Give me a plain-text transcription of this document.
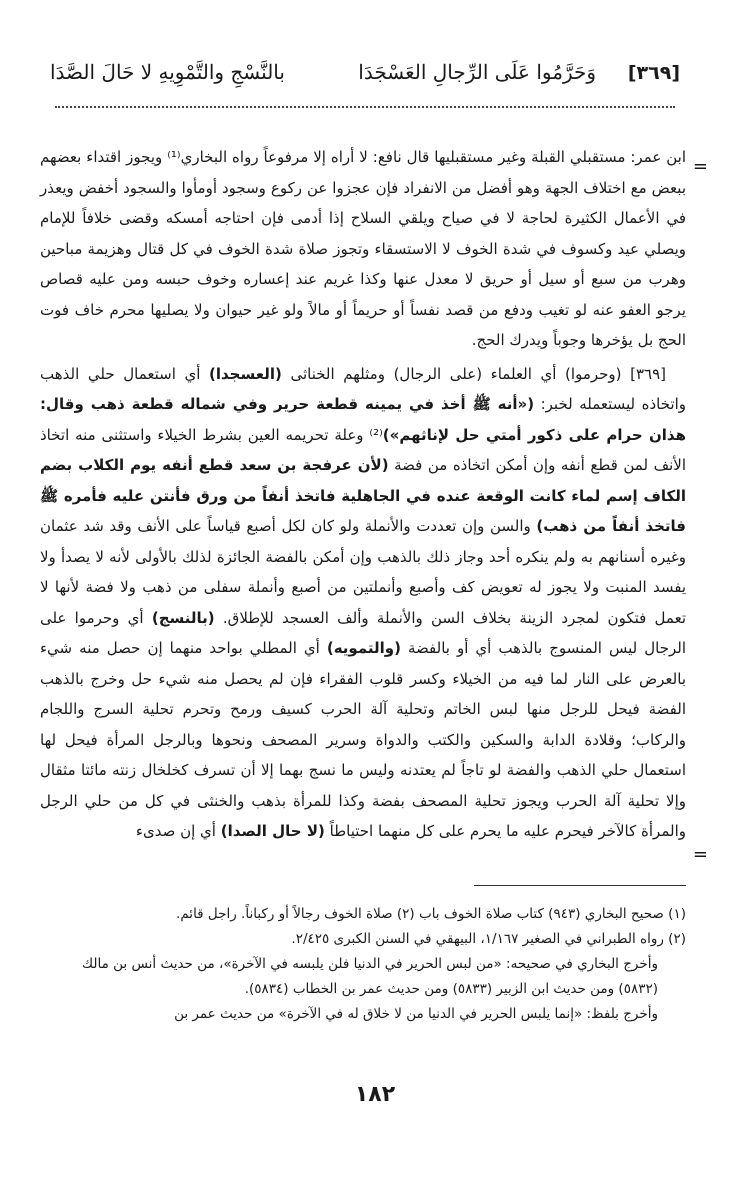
[٣٦٩]
وَحَرَّمُوا عَلَى الرِّجالِ العَسْجَدَا
بالنَّسْجِ والتَّمْوِيهِ لا حَالَ الصَّدَا
=

ابن عمر: مستقبلي القبلة وغير مستقبليها قال نافع: لا أراه إلا مرفوعاً رواه البخاري⁽¹⁾ ويجوز اقتداء بعضهم ببعض مع اختلاف الجهة وهو أفضل من الانفراد فإن عجزوا عن ركوع وسجود أومأوا والسجود أخفض ويعذر في الأعمال الكثيرة لحاجة لا في صياح ويلقي السلاح إذا أدمى فإن احتاجه أمسكه وقضى خلافاً للإمام ويصلي عيد وكسوف في شدة الخوف لا الاستسقاء وتجوز صلاة شدة الخوف في كل قتال وهزيمة مباحين وهرب من سبع أو سيل أو حريق لا معدل عنها وكذا غريم عند إعساره وخوف حبسه ومن عليه قصاص يرجو العفو عنه لو تغيب ودفع من قصد نفساً أو حريماً أو مالاً ولو غير حيوان ولا يصليها محرم خاف فوت الحج بل يؤخرها وجوباً ويدرك الحج.

[٣٦٩] (وحرموا) أي العلماء (على الرجال) ومثلهم الخناثى (العسجدا) أي استعمال حلي الذهب واتخاذه ليستعمله لخبر: («أنه ﷺ أخذ في يمينه قطعة حرير وفي شماله قطعة ذهب وقال: هذان حرام على ذكور أمتي حل لإناثهم»)⁽²⁾ وعلة تحريمه العين بشرط الخيلاء واستثنى منه اتخاذ الأنف لمن قطع أنفه وإن أمكن اتخاذه من فضة (لأن عرفجة بن سعد قطع أنفه يوم الكلاب بضم الكاف إسم لماء كانت الوقعة عنده في الجاهلية فاتخذ أنفاً من ورق فأنتن عليه فأمره ﷺ فاتخذ أنفاً من ذهب) والسن وإن تعددت والأنملة ولو كان لكل أصبع قياساً على الأنف وقد شد عثمان وغيره أسنانهم به ولم ينكره أحد وجاز ذلك بالذهب وإن أمكن بالفضة الجائزة لذلك بالأولى لأنه لا يصدأ ولا يفسد المنبت ولا يجوز له تعويض كف وأصبع وأنملتين من أصبع وأنملة سفلى من ذهب ولا فضة لأنها لا تعمل فتكون لمجرد الزينة بخلاف السن والأنملة وألف العسجد للإطلاق. (بالنسج) أي وحرموا على الرجال ليس المنسوج بالذهب أي أو بالفضة (والتمويه) أي المطلي بواحد منهما إن حصل منه شيء بالعرض على النار لما فيه من الخيلاء وكسر قلوب الفقراء فإن لم يحصل منه شيء حل وخرج بالذهب الفضة فيحل للرجل منها لبس الخاتم وتحلية آلة الحرب كسيف ورمح وتحرم تحلية السرج واللجام والركاب؛ وقلادة الدابة والسكين والكتب والدواة وسرير المصحف ونحوها وبالرجل المرأة فيحل لها استعمال حلي الذهب والفضة لو تاجاً لم يعتدنه وليس ما نسج بهما إلا أن تسرف كخلخال زنته مائتا مثقال وإلا تحلية آلة الحرب ويجوز تحلية المصحف بفضة وكذا للمرأة بذهب والخنثى في كل من حلي الرجل والمرأة كالآخر فيحرم عليه ما يحرم على كل منهما احتياطاً (لا حال الصدا) أي إن صدىء

=

(١) صحيح البخاري (٩٤٣) كتاب صلاة الخوف باب (٢) صلاة الخوف رجالاً أو ركباناً. راجل قائم.

(٢) رواه الطبراني في الصغير ١/١٦٧، البيهقي في السنن الكبرى ٢/٤٢٥.

وأخرج البخاري في صحيحه: «من لبس الحرير في الدنيا فلن يلبسه في الآخرة»، من حديث أنس بن مالك (٥٨٣٢) ومن حديث ابن الزبير (٥٨٣٣) ومن حديث عمر بن الخطاب (٥٨٣٤).

وأخرج بلفظ: «إنما يلبس الحرير في الدنيا من لا خلاق له في الآخرة» من حديث عمر بن

١٨٢
